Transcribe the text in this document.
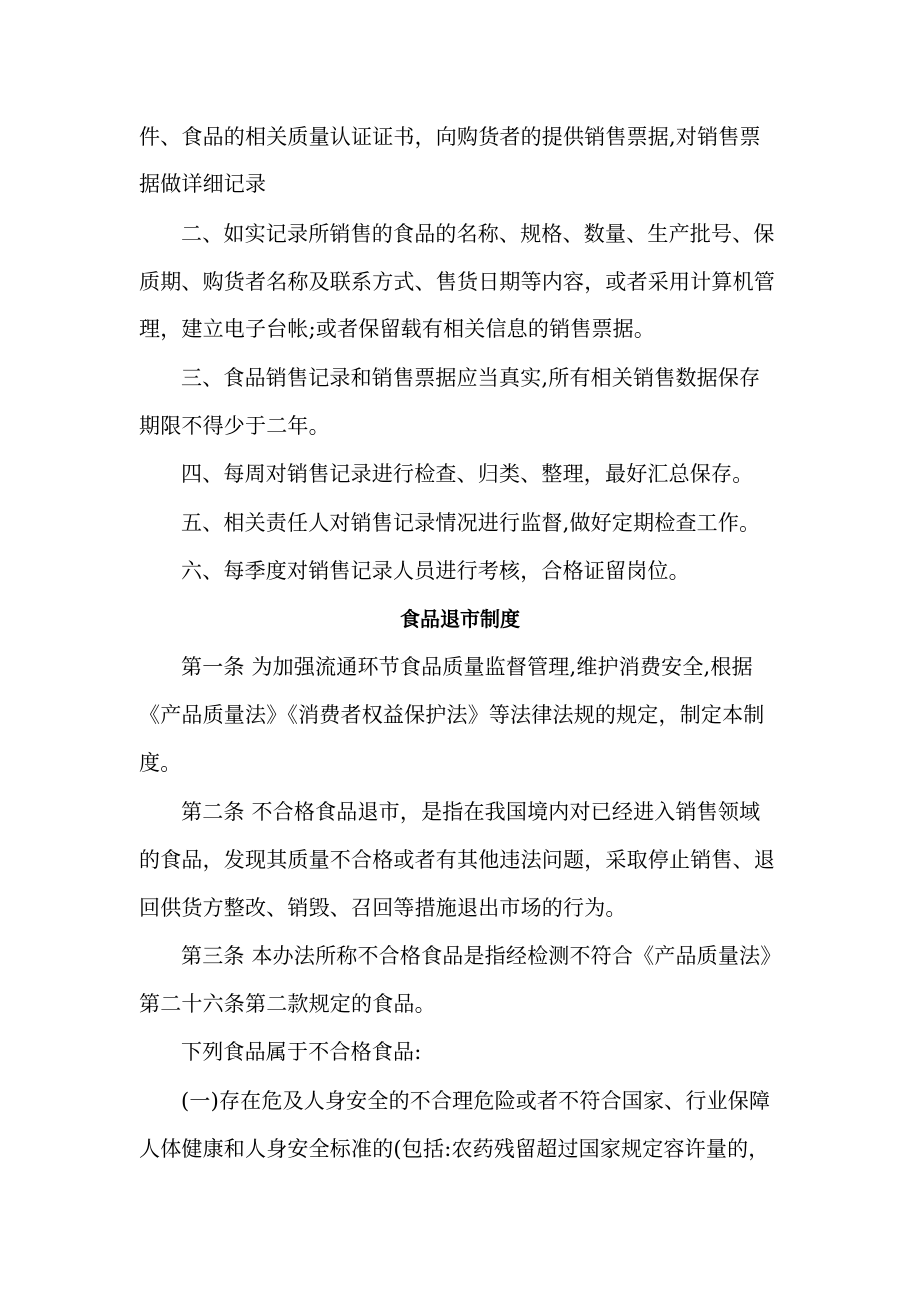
件、食品的相关质量认证证书，向购货者的提供销售票据,对销售票
据做详细记录
二、如实记录所销售的食品的名称、规格、数量、生产批号、保
质期、购货者名称及联系方式、售货日期等内容，或者采用计算机管
理，建立电子台帐;或者保留载有相关信息的销售票据。
三、食品销售记录和销售票据应当真实,所有相关销售数据保存
期限不得少于二年。
四、每周对销售记录进行检查、归类、整理，最好汇总保存。
五、相关责任人对销售记录情况进行监督,做好定期检查工作。
六、每季度对销售记录人员进行考核，合格证留岗位。
食品退市制度
第一条 为加强流通环节食品质量监督管理,维护消费安全,根据
《产品质量法》《消费者权益保护法》等法律法规的规定，制定本制
度。
第二条 不合格食品退市，是指在我国境内对已经进入销售领域
的食品，发现其质量不合格或者有其他违法问题，采取停止销售、退
回供货方整改、销毁、召回等措施退出市场的行为。
第三条 本办法所称不合格食品是指经检测不符合《产品质量法》
第二十六条第二款规定的食品。
下列食品属于不合格食品:
(一)存在危及人身安全的不合理危险或者不符合国家、行业保障
人体健康和人身安全标准的(包括:农药残留超过国家规定容许量的，
